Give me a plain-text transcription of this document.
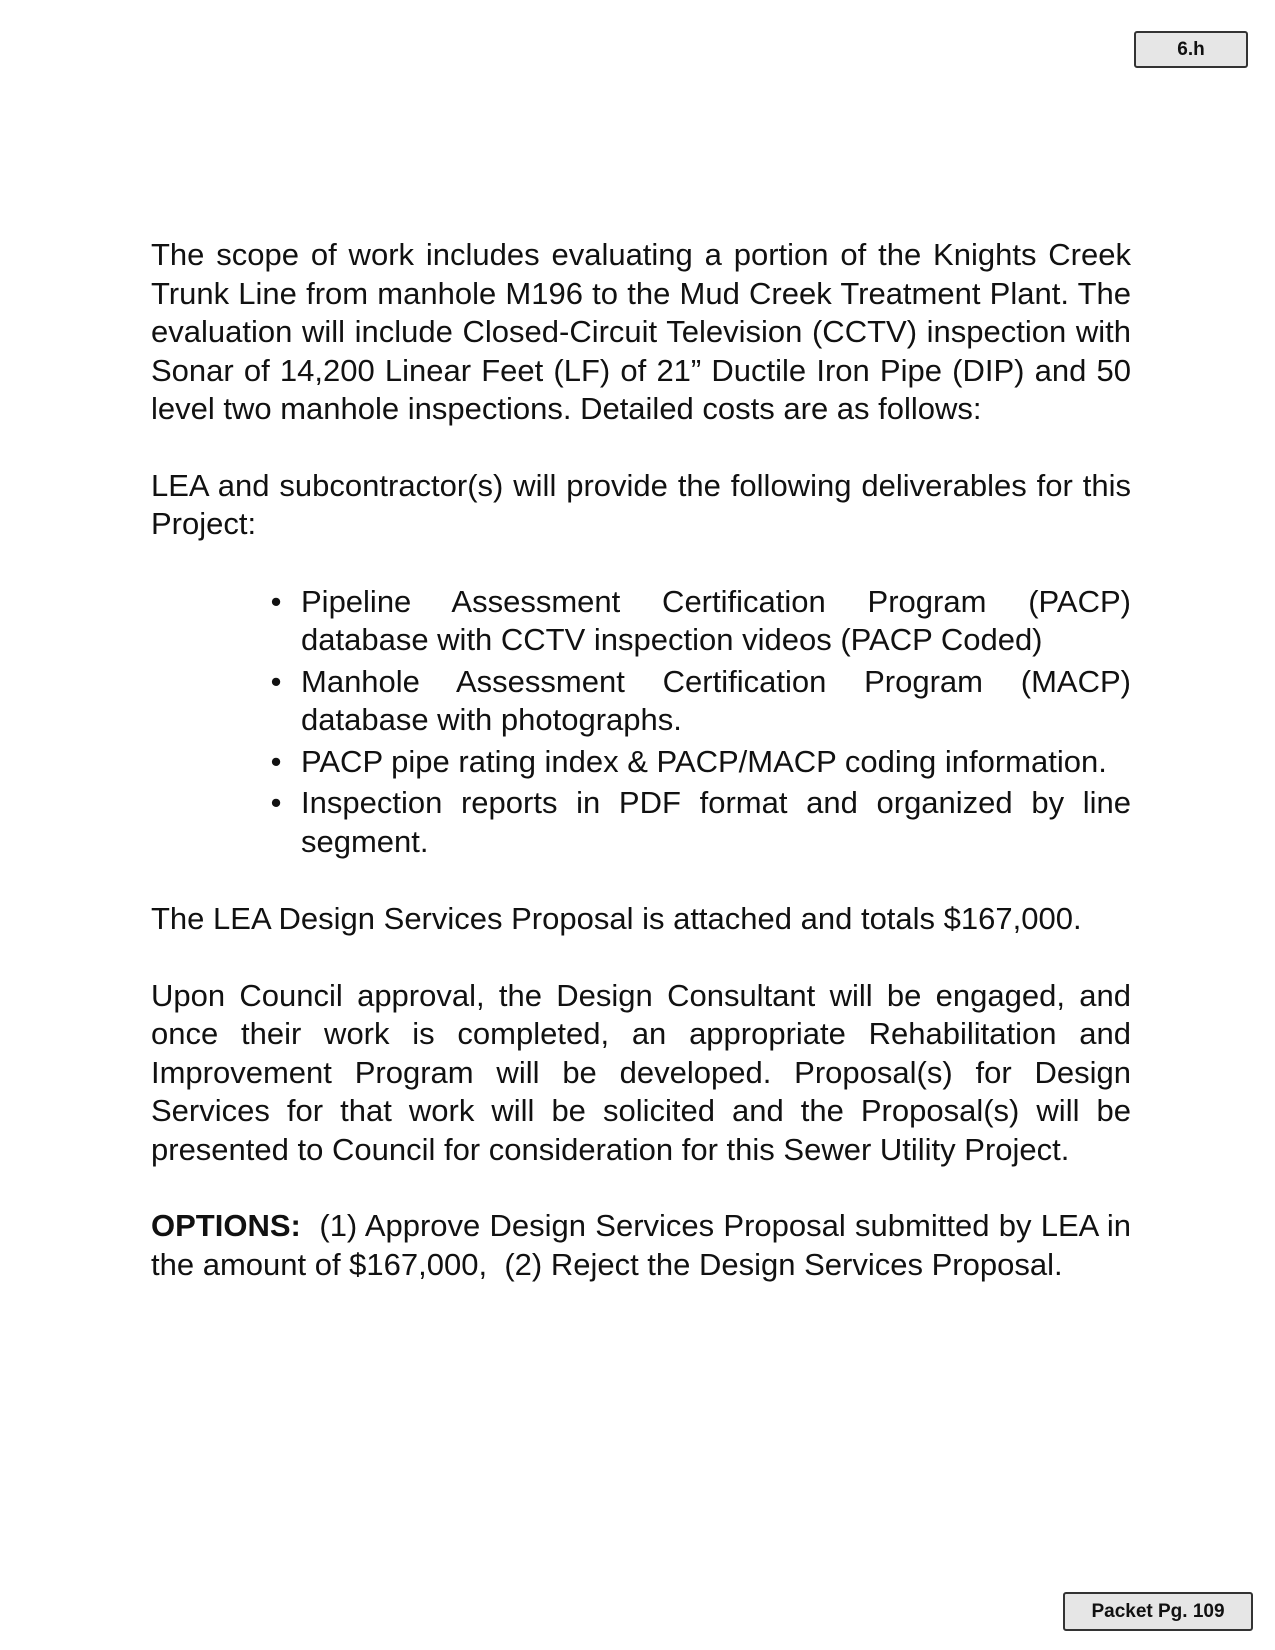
6.h

The scope of work includes evaluating a portion of the Knights Creek Trunk Line from manhole M196 to the Mud Creek Treatment Plant. The evaluation will include Closed-Circuit Television (CCTV) inspection with Sonar of 14,200 Linear Feet (LF) of 21” Ductile Iron Pipe (DIP) and 50 level two manhole inspections. Detailed costs are as follows:

LEA and subcontractor(s) will provide the following deliverables for this Project:

• Pipeline Assessment Certification Program (PACP) database with CCTV inspection videos (PACP Coded)
• Manhole Assessment Certification Program (MACP) database with photographs.
• PACP pipe rating index & PACP/MACP coding information.
• Inspection reports in PDF format and organized by line segment.

The LEA Design Services Proposal is attached and totals $167,000.

Upon Council approval, the Design Consultant will be engaged, and once their work is completed, an appropriate Rehabilitation and Improvement Program will be developed. Proposal(s) for Design Services for that work will be solicited and the Proposal(s) will be presented to Council for consideration for this Sewer Utility Project.

OPTIONS:  (1) Approve Design Services Proposal submitted by LEA in the amount of $167,000,  (2) Reject the Design Services Proposal.

Packet Pg. 109
